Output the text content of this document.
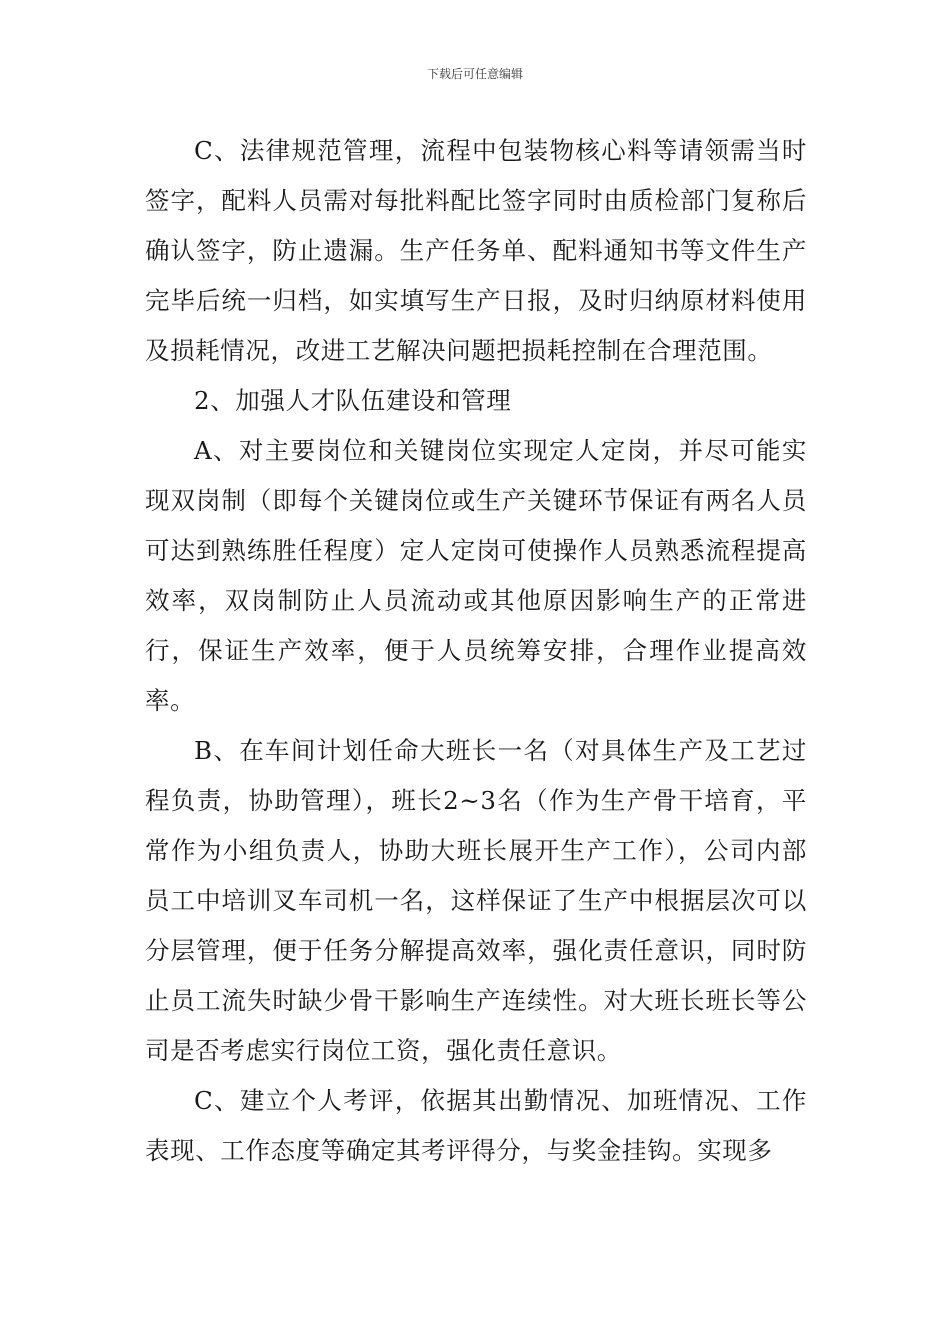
下载后可任意编辑

C、法律规范管理，流程中包装物核心料等请领需当时签字，配料人员需对每批料配比签字同时由质检部门复称后确认签字，防止遗漏。生产任务单、配料通知书等文件生产完毕后统一归档，如实填写生产日报，及时归纳原材料使用及损耗情况，改进工艺解决问题把损耗控制在合理范围。

2、加强人才队伍建设和管理

A、对主要岗位和关键岗位实现定人定岗，并尽可能实现双岗制（即每个关键岗位或生产关键环节保证有两名人员可达到熟练胜任程度）定人定岗可使操作人员熟悉流程提高效率，双岗制防止人员流动或其他原因影响生产的正常进行，保证生产效率，便于人员统筹安排，合理作业提高效率。

B、在车间计划任命大班长一名（对具体生产及工艺过程负责，协助管理），班长2~3名（作为生产骨干培育，平常作为小组负责人，协助大班长展开生产工作），公司内部员工中培训叉车司机一名，这样保证了生产中根据层次可以分层管理，便于任务分解提高效率，强化责任意识，同时防止员工流失时缺少骨干影响生产连续性。对大班长班长等公司是否考虑实行岗位工资，强化责任意识。

C、建立个人考评，依据其出勤情况、加班情况、工作表现、工作态度等确定其考评得分，与奖金挂钩。实现多
